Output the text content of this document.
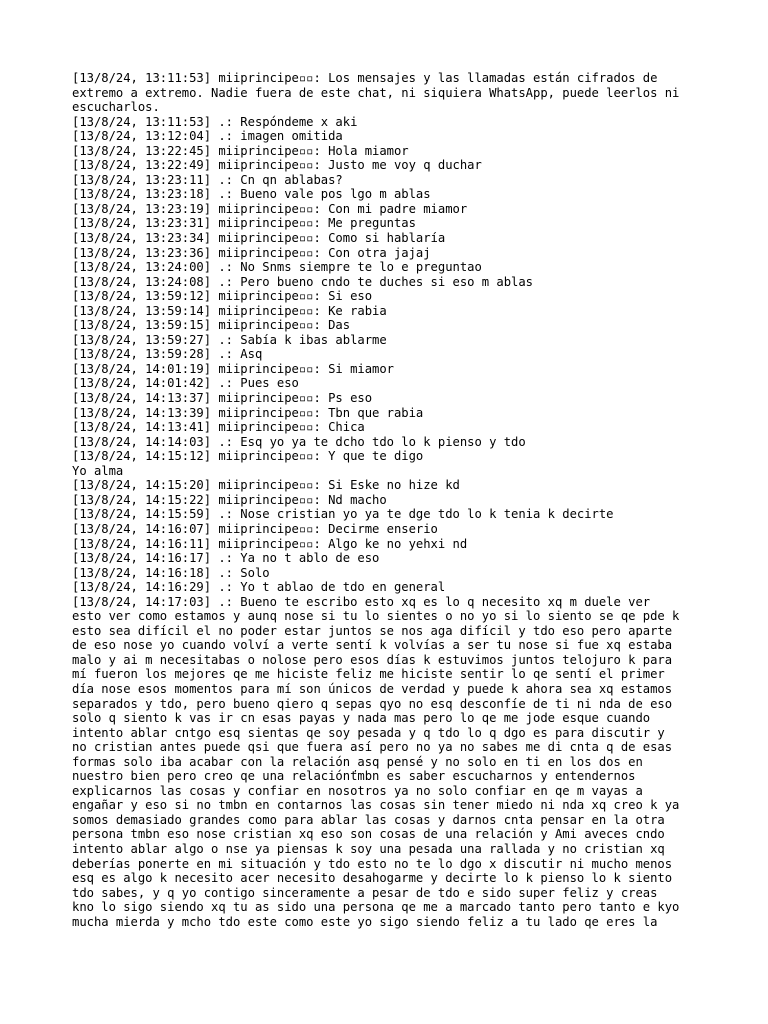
[13/8/24, 13:11:53] miiprincipe▫▫: Los mensajes y las llamadas están cifrados de
extremo a extremo. Nadie fuera de este chat, ni siquiera WhatsApp, puede leerlos ni
escucharlos.
[13/8/24, 13:11:53] .: Respóndeme x aki
[13/8/24, 13:12:04] .: imagen omitida
[13/8/24, 13:22:45] miiprincipe▫▫: Hola miamor
[13/8/24, 13:22:49] miiprincipe▫▫: Justo me voy q duchar
[13/8/24, 13:23:11] .: Cn qn ablabas?
[13/8/24, 13:23:18] .: Bueno vale pos lgo m ablas
[13/8/24, 13:23:19] miiprincipe▫▫: Con mi padre miamor
[13/8/24, 13:23:31] miiprincipe▫▫: Me preguntas
[13/8/24, 13:23:34] miiprincipe▫▫: Como si hablaría
[13/8/24, 13:23:36] miiprincipe▫▫: Con otra jajaj
[13/8/24, 13:24:00] .: No Snms siempre te lo e preguntao
[13/8/24, 13:24:08] .: Pero bueno cndo te duches si eso m ablas
[13/8/24, 13:59:12] miiprincipe▫▫: Si eso
[13/8/24, 13:59:14] miiprincipe▫▫: Ke rabia
[13/8/24, 13:59:15] miiprincipe▫▫: Das
[13/8/24, 13:59:27] .: Sabía k ibas ablarme
[13/8/24, 13:59:28] .: Asq
[13/8/24, 14:01:19] miiprincipe▫▫: Si miamor
[13/8/24, 14:01:42] .: Pues eso
[13/8/24, 14:13:37] miiprincipe▫▫: Ps eso
[13/8/24, 14:13:39] miiprincipe▫▫: Tbn que rabia
[13/8/24, 14:13:41] miiprincipe▫▫: Chica
[13/8/24, 14:14:03] .: Esq yo ya te dcho tdo lo k pienso y tdo
[13/8/24, 14:15:12] miiprincipe▫▫: Y que te digo
Yo alma
[13/8/24, 14:15:20] miiprincipe▫▫: Si Eske no hize kd
[13/8/24, 14:15:22] miiprincipe▫▫: Nd macho
[13/8/24, 14:15:59] .: Nose cristian yo ya te dge tdo lo k tenia k decirte
[13/8/24, 14:16:07] miiprincipe▫▫: Decirme enserio
[13/8/24, 14:16:11] miiprincipe▫▫: Algo ke no yehxi nd
[13/8/24, 14:16:17] .: Ya no t ablo de eso
[13/8/24, 14:16:18] .: Solo
[13/8/24, 14:16:29] .: Yo t ablao de tdo en general
[13/8/24, 14:17:03] .: Bueno te escribo esto xq es lo q necesito xq m duele ver
esto ver como estamos y aunq nose si tu lo sientes o no yo si lo siento se qe pde k
esto sea difícil el no poder estar juntos se nos aga difícil y tdo eso pero aparte
de eso nose yo cuando volví a verte sentí k volvías a ser tu nose si fue xq estaba
malo y ai m necesitabas o nolose pero esos días k estuvimos juntos telojuro k para
mí fueron los mejores qe me hiciste feliz me hiciste sentir lo qe sentí el primer
día nose esos momentos para mí son únicos de verdad y puede k ahora sea xq estamos
separados y tdo, pero bueno qiero q sepas qyo no esq desconfíe de ti ni nda de eso
solo q siento k vas ir cn esas payas y nada mas pero lo qe me jode esque cuando
intento ablar cntgo esq sientas qe soy pesada y q tdo lo q dgo es para discutir y
no cristian antes puede qsi que fuera así pero no ya no sabes me di cnta q de esas
formas solo iba acabar con la relación asq pensé y no solo en ti en los dos en
nuestro bien pero creo qe una relaciónťmbn es saber escucharnos y entendernos
explicarnos las cosas y confiar en nosotros ya no solo confiar en qe m vayas a
engañar y eso si no tmbn en contarnos las cosas sin tener miedo ni nda xq creo k ya
somos demasiado grandes como para ablar las cosas y darnos cnta pensar en la otra
persona tmbn eso nose cristian xq eso son cosas de una relación y Ami aveces cndo
intento ablar algo o nse ya piensas k soy una pesada una rallada y no cristian xq
deberías ponerte en mi situación y tdo esto no te lo dgo x discutir ni mucho menos
esq es algo k necesito acer necesito desahogarme y decirte lo k pienso lo k siento
tdo sabes, y q yo contigo sinceramente a pesar de tdo e sido super feliz y creas
kno lo sigo siendo xq tu as sido una persona qe me a marcado tanto pero tanto e kyo
mucha mierda y mcho tdo este como este yo sigo siendo feliz a tu lado qe eres la
